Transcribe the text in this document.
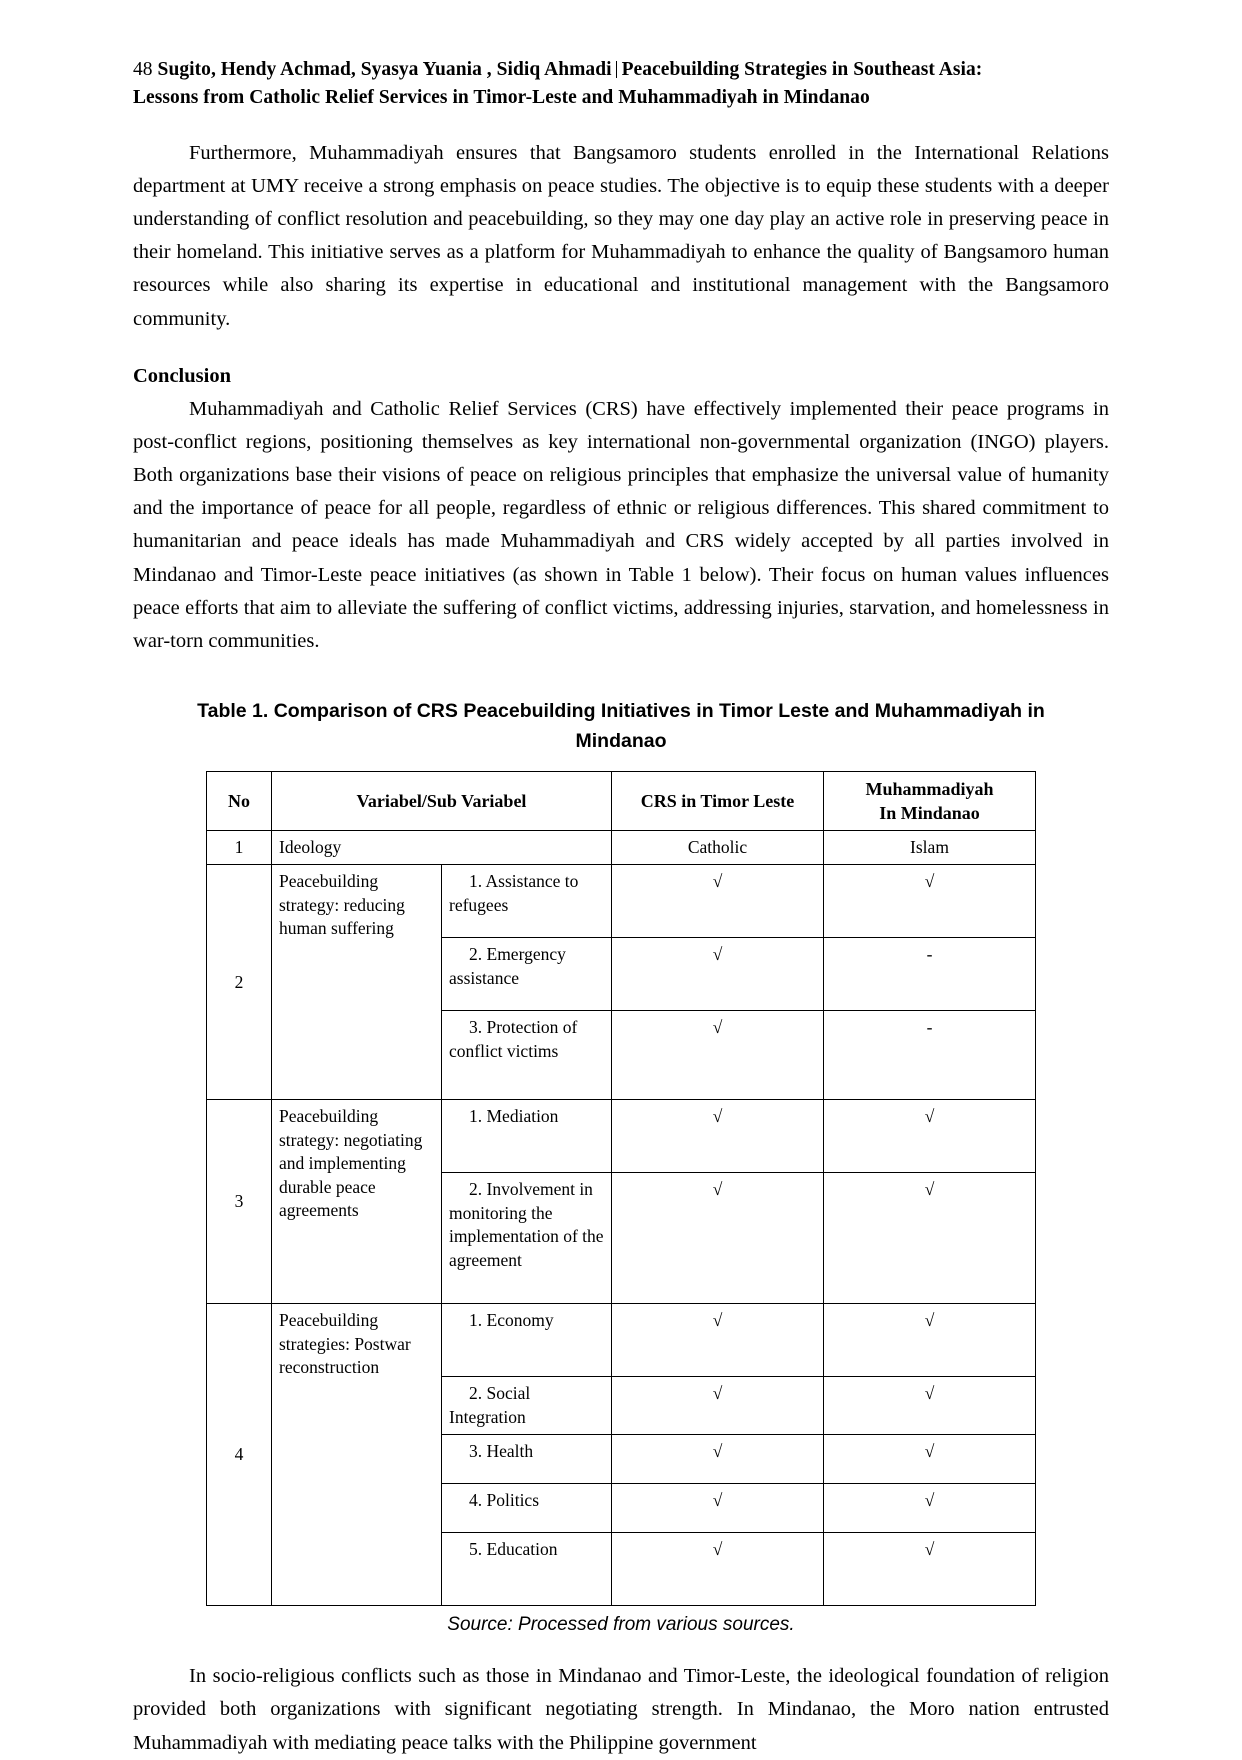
48 Sugito, Hendy Achmad, Syasya Yuania , Sidiq Ahmadi Peacebuilding Strategies in Southeast Asia:
Lessons from Catholic Relief Services in Timor-Leste and Muhammadiyah in Mindanao

Furthermore, Muhammadiyah ensures that Bangsamoro students enrolled in the International Relations department at UMY receive a strong emphasis on peace studies. The objective is to equip these students with a deeper understanding of conflict resolution and peacebuilding, so they may one day play an active role in preserving peace in their homeland. This initiative serves as a platform for Muhammadiyah to enhance the quality of Bangsamoro human resources while also sharing its expertise in educational and institutional management with the Bangsamoro community.

Conclusion

Muhammadiyah and Catholic Relief Services (CRS) have effectively implemented their peace programs in post-conflict regions, positioning themselves as key international non-governmental organization (INGO) players. Both organizations base their visions of peace on religious principles that emphasize the universal value of humanity and the importance of peace for all people, regardless of ethnic or religious differences. This shared commitment to humanitarian and peace ideals has made Muhammadiyah and CRS widely accepted by all parties involved in Mindanao and Timor-Leste peace initiatives (as shown in Table 1 below). Their focus on human values influences peace efforts that aim to alleviate the suffering of conflict victims, addressing injuries, starvation, and homelessness in war-torn communities.

Table 1. Comparison of CRS Peacebuilding Initiatives in Timor Leste and Muhammadiyah in Mindanao

No	Variabel/Sub Variabel		CRS in Timor Leste	Muhammadiyah
In Mindanao

1	Ideology		Catholic	Islam
2	Peacebuilding strategy: reducing human suffering	1. Assistance to refugees	√	√
		2. Emergency assistance	√	-
		3. Protection of conflict victims	√	-
3	Peacebuilding strategy: negotiating and implementing durable peace agreements	1. Mediation	√	√
		2. Involvement in monitoring the implementation of the agreement	√	√
4	Peacebuilding strategies: Postwar reconstruction	1. Economy	√	√
		2. Social Integration	√	√
		3. Health	√	√
		4. Politics	√	√
		5. Education	√	√

Source: Processed from various sources.

In socio-religious conflicts such as those in Mindanao and Timor-Leste, the ideological foundation of religion provided both organizations with significant negotiating strength. In Mindanao, the Moro nation entrusted Muhammadiyah with mediating peace talks with the Philippine government
